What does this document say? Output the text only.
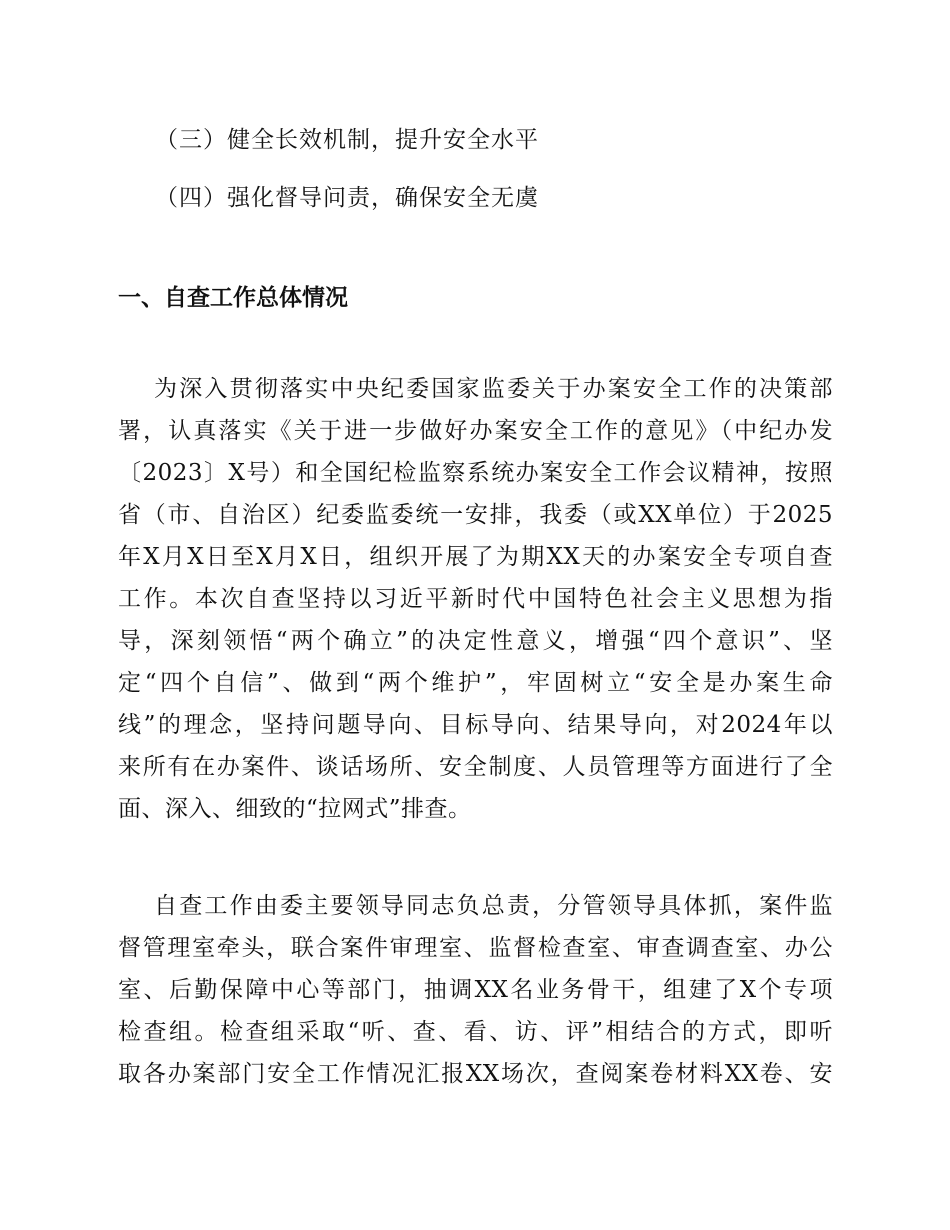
（三）健全长效机制，提升安全水平
（四）强化督导问责，确保安全无虞
一、自查工作总体情况
为深入贯彻落实中央纪委国家监委关于办案安全工作的决策部
署，认真落实《关于进一步做好办案安全工作的意见》（中纪办发
〔2023〕X号）和全国纪检监察系统办案安全工作会议精神，按照
省（市、自治区）纪委监委统一安排，我委（或XX单位）于2025
年X月X日至X月X日，组织开展了为期XX天的办案安全专项自查
工作。本次自查坚持以习近平新时代中国特色社会主义思想为指
导，深刻领悟“两个确立”的决定性意义，增强“四个意识”、坚
定“四个自信”、做到“两个维护”，牢固树立“安全是办案生命
线”的理念，坚持问题导向、目标导向、结果导向，对2024年以
来所有在办案件、谈话场所、安全制度、人员管理等方面进行了全
面、深入、细致的“拉网式”排查。
自查工作由委主要领导同志负总责，分管领导具体抓，案件监
督管理室牵头，联合案件审理室、监督检查室、审查调查室、办公
室、后勤保障中心等部门，抽调XX名业务骨干，组建了X个专项
检查组。检查组采取“听、查、看、访、评”相结合的方式，即听
取各办案部门安全工作情况汇报XX场次，查阅案卷材料XX卷、安
